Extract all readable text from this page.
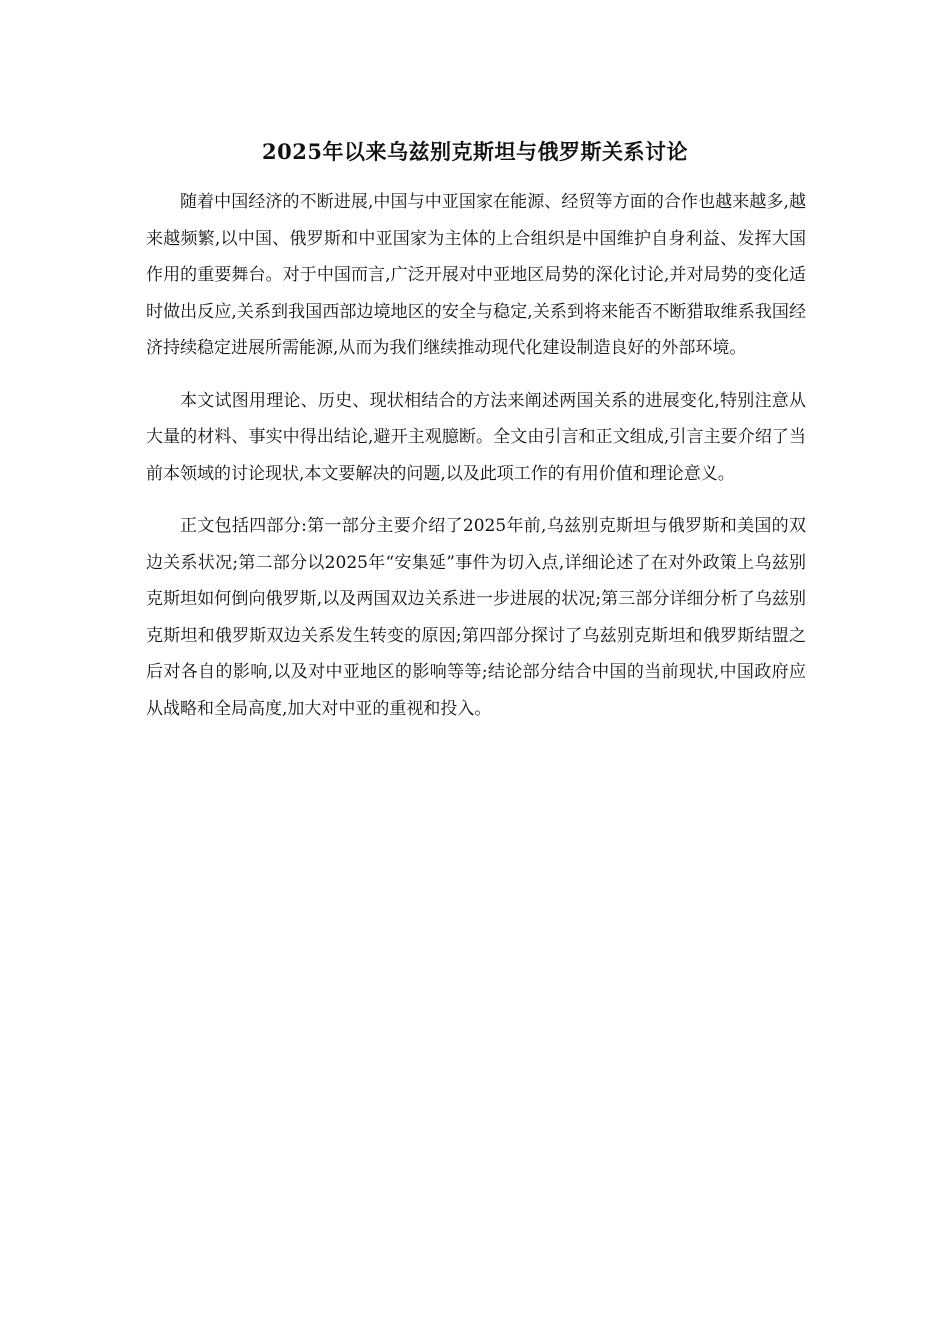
2025年以来乌兹别克斯坦与俄罗斯关系讨论

随着中国经济的不断进展,中国与中亚国家在能源、经贸等方面的合作也越来越多,越来越频繁,以中国、俄罗斯和中亚国家为主体的上合组织是中国维护自身利益、发挥大国作用的重要舞台。对于中国而言,广泛开展对中亚地区局势的深化讨论,并对局势的变化适时做出反应,关系到我国西部边境地区的安全与稳定,关系到将来能否不断猎取维系我国经济持续稳定进展所需能源,从而为我们继续推动现代化建设制造良好的外部环境。

本文试图用理论、历史、现状相结合的方法来阐述两国关系的进展变化,特别注意从大量的材料、事实中得出结论,避开主观臆断。全文由引言和正文组成,引言主要介绍了当前本领域的讨论现状,本文要解决的问题,以及此项工作的有用价值和理论意义。

正文包括四部分:第一部分主要介绍了2025年前,乌兹别克斯坦与俄罗斯和美国的双边关系状况;第二部分以2025年“安集延”事件为切入点,详细论述了在对外政策上乌兹别克斯坦如何倒向俄罗斯,以及两国双边关系进一步进展的状况;第三部分详细分析了乌兹别克斯坦和俄罗斯双边关系发生转变的原因;第四部分探讨了乌兹别克斯坦和俄罗斯结盟之后对各自的影响,以及对中亚地区的影响等等;结论部分结合中国的当前现状,中国政府应从战略和全局高度,加大对中亚的重视和投入。
